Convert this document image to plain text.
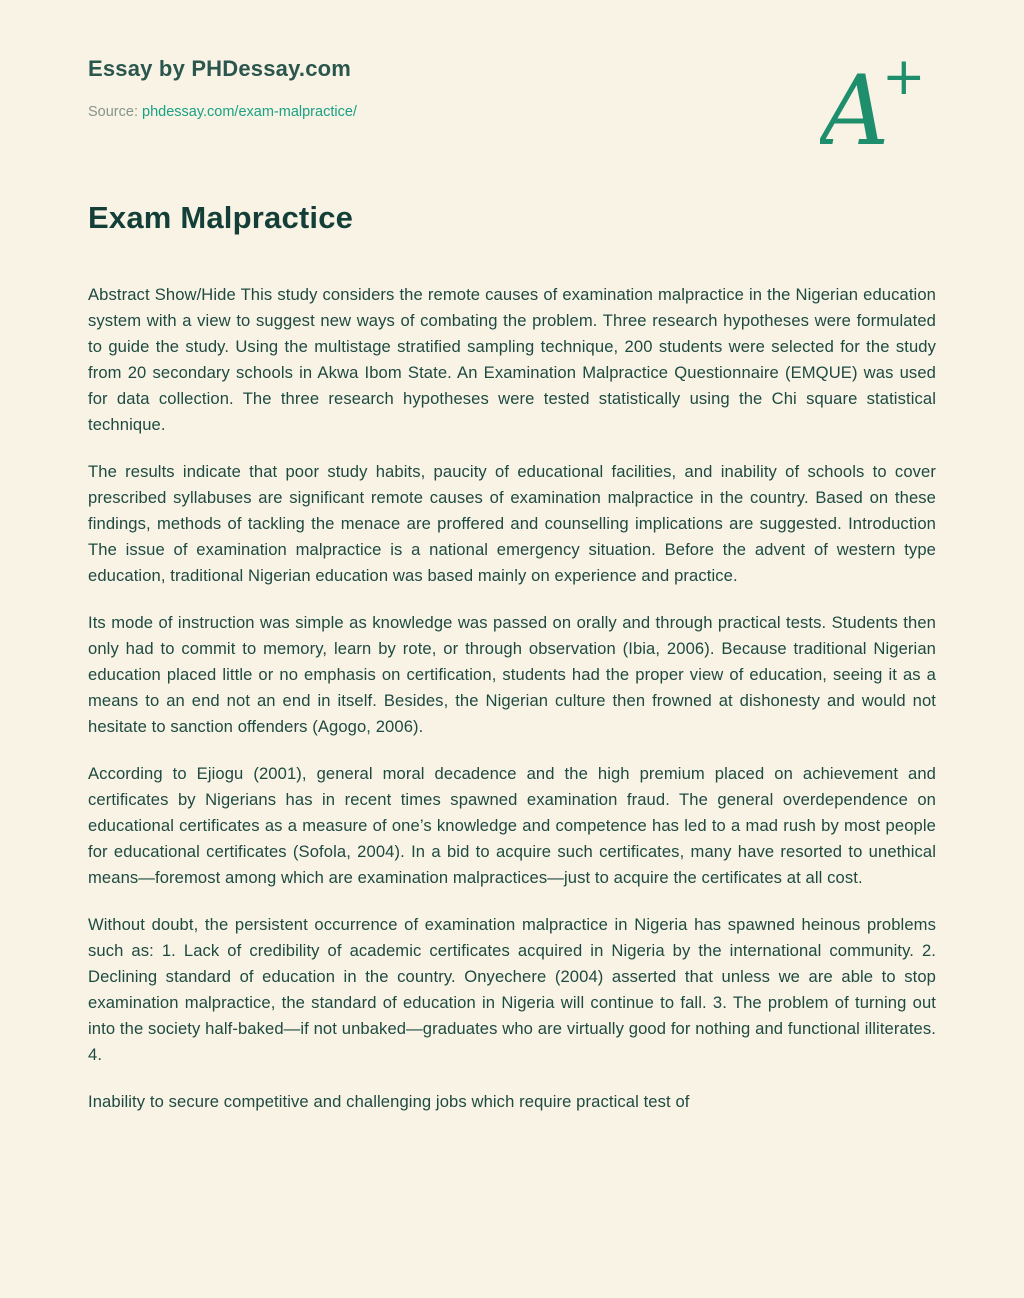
Essay by PHDessay.com

Source: phdessay.com/exam-malpractice/	A
+
Exam Malpractice

Abstract Show/Hide This study considers the remote causes of examination malpractice in the Nigerian education system with a view to suggest new ways of combating the problem. Three research hypotheses were formulated to guide the study. Using the multistage stratified sampling technique, 200 students were selected for the study from 20 secondary schools in Akwa Ibom State. An Examination Malpractice Questionnaire (EMQUE) was used for data collection. The three research hypotheses were tested statistically using the Chi square statistical technique.

The results indicate that poor study habits, paucity of educational facilities, and inability of schools to cover prescribed syllabuses are significant remote causes of examination malpractice in the country. Based on these findings, methods of tackling the menace are proffered and counselling implications are suggested. Introduction The issue of examination malpractice is a national emergency situation. Before the advent of western type education, traditional Nigerian education was based mainly on experience and practice.

Its mode of instruction was simple as knowledge was passed on orally and through practical tests. Students then only had to commit to memory, learn by rote, or through observation (Ibia, 2006). Because traditional Nigerian education placed little or no emphasis on certification, students had the proper view of education, seeing it as a means to an end not an end in itself. Besides, the Nigerian culture then frowned at dishonesty and would not hesitate to sanction offenders (Agogo, 2006).

According to Ejiogu (2001), general moral decadence and the high premium placed on achievement and certificates by Nigerians has in recent times spawned examination fraud. The general overdependence on educational certificates as a measure of one’s knowledge and competence has led to a mad rush by most people for educational certificates (Sofola, 2004). In a bid to acquire such certificates, many have resorted to unethical means—foremost among which are examination malpractices—just to acquire the certificates at all cost.

Without doubt, the persistent occurrence of examination malpractice in Nigeria has spawned heinous problems such as: 1. Lack of credibility of academic certificates acquired in Nigeria by the international community. 2. Declining standard of education in the country. Onyechere (2004) asserted that unless we are able to stop examination malpractice, the standard of education in Nigeria will continue to fall. 3. The problem of turning out into the society half-baked—if not unbaked—graduates who are virtually good for nothing and functional illiterates. 4.

Inability to secure competitive and challenging jobs which require practical test of
